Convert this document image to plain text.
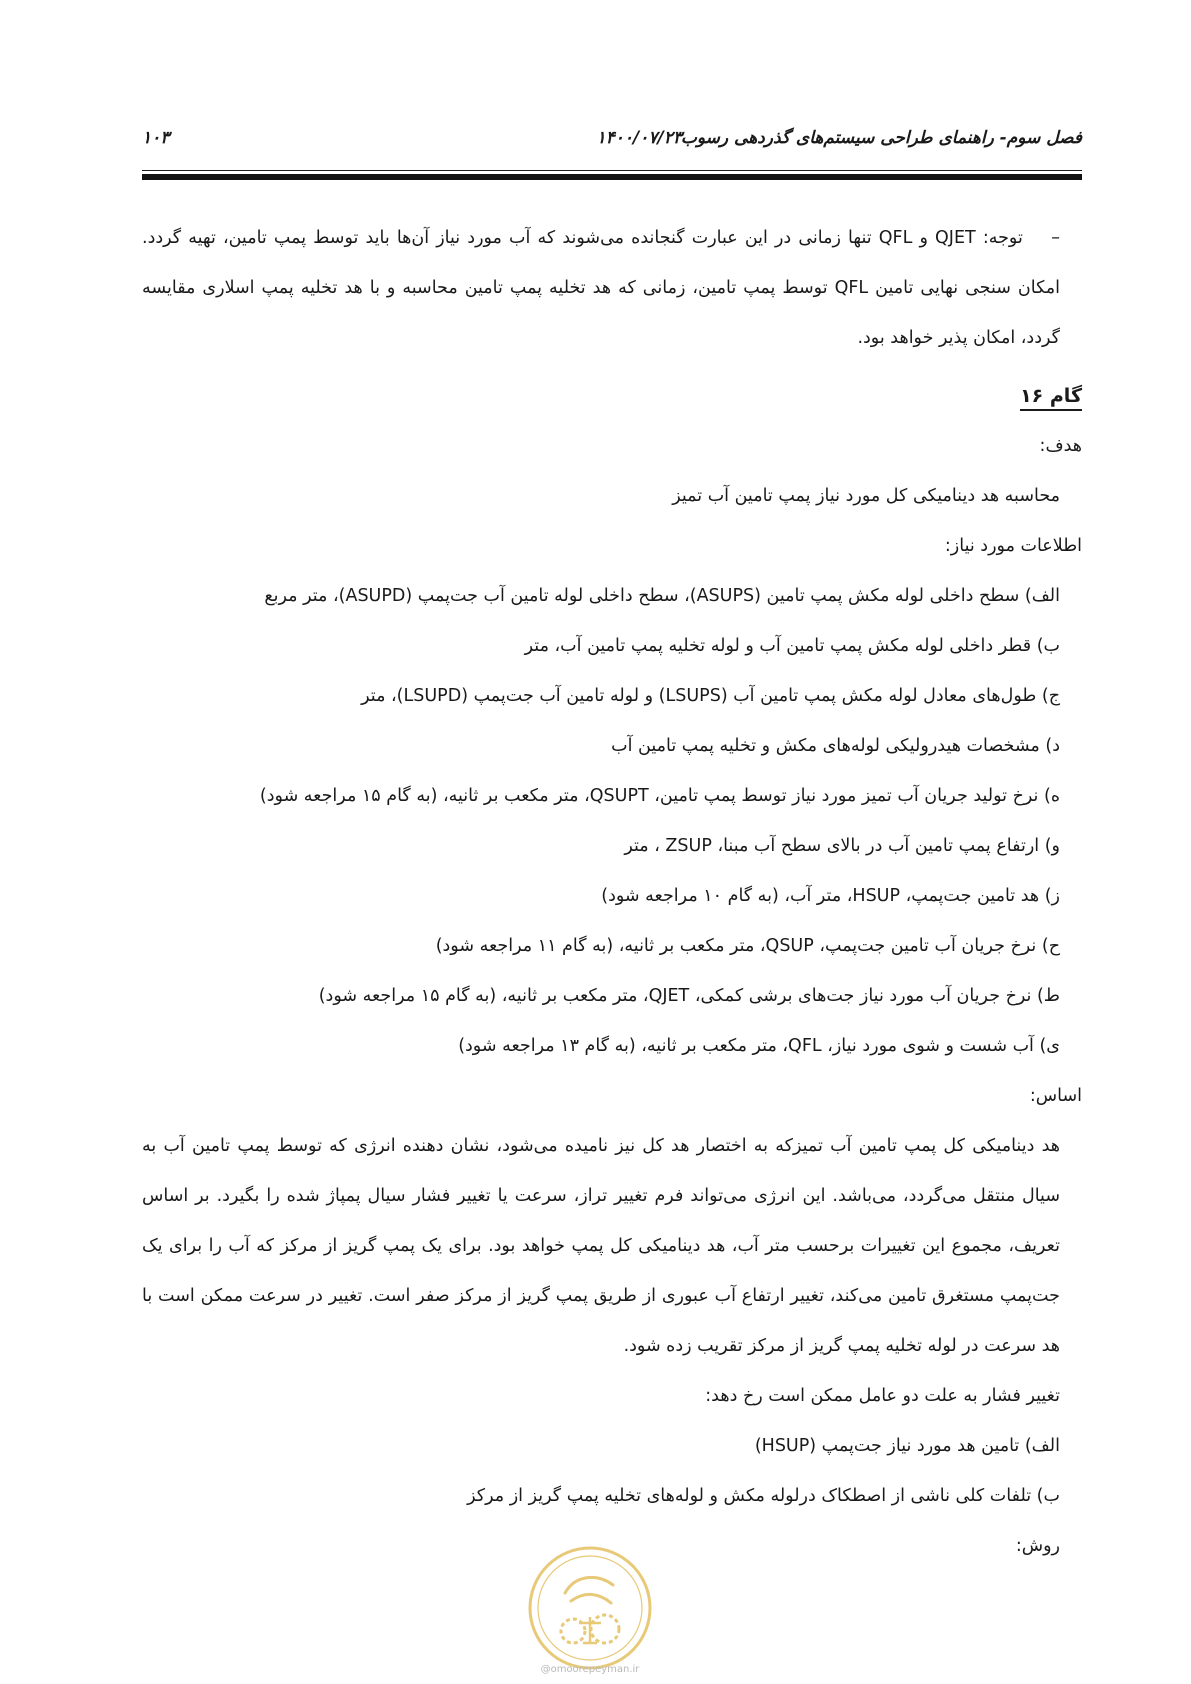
فصل سوم- راهنمای طراحی سیستم‌های گذردهی رسوب
۱۴۰۰/۰۷/۲۳
۱۰۳

–    توجه: QJET و QFL تنها زمانی در این عبارت گنجانده می‌شوند که آب مورد نیاز آن‌ها باید توسط پمپ تامین، تهیه گردد. امکان سنجی نهایی تامین QFL توسط پمپ تامین، زمانی که هد تخلیه پمپ تامین محاسبه و با هد تخلیه پمپ اسلاری مقایسه گردد، امکان پذیر خواهد بود.

گام ۱۶

هدف:

محاسبه هد دینامیکی کل مورد نیاز پمپ تامین آب تمیز

اطلاعات مورد نیاز:

الف) سطح داخلی لوله مکش پمپ تامین (ASUPS)، سطح داخلی لوله تامین آب جت‌پمپ (ASUPD)، متر مربع

ب) قطر داخلی لوله مکش پمپ تامین آب و لوله تخلیه پمپ تامین آب، متر

ج) طول‌های معادل لوله مکش پمپ تامین آب (LSUPS) و لوله تامین آب جت‌پمپ (LSUPD)، متر

د) مشخصات هیدرولیکی لوله‌های مکش و تخلیه پمپ تامین آب

ه) نرخ تولید جریان آب تمیز مورد نیاز توسط پمپ تامین، QSUPT، متر مکعب بر ثانیه، (به گام ۱۵ مراجعه شود)

و) ارتفاع پمپ تامین آب در بالای سطح آب مبنا، ZSUP ، متر

ز) هد تامین جت‌پمپ، HSUP، متر آب، (به گام ۱۰ مراجعه شود)

ح) نرخ جریان آب تامین جت‌پمپ، QSUP، متر مکعب بر ثانیه، (به گام ۱۱ مراجعه شود)

ط) نرخ جریان آب مورد نیاز جت‌های برشی کمکی، QJET، متر مکعب بر ثانیه، (به گام ۱۵ مراجعه شود)

ی) آب شست و شوی مورد نیاز، QFL، متر مکعب بر ثانیه، (به گام ۱۳ مراجعه شود)

اساس:

هد دینامیکی کل پمپ تامین آب تمیزکه به اختصار هد کل نیز نامیده می‌شود، نشان دهنده انرژی که توسط پمپ تامین آب به سیال منتقل می‌گردد، می‌باشد. این انرژی می‌تواند فرم تغییر تراز، سرعت یا تغییر فشار سیال پمپاژ شده را بگیرد. بر اساس تعریف، مجموع این تغییرات برحسب متر آب، هد دینامیکی کل پمپ خواهد بود. برای یک پمپ گریز از مرکز که آب را برای یک جت‌پمپ مستغرق تامین می‌کند، تغییر ارتفاع آب عبوری از طریق پمپ گریز از مرکز صفر است. تغییر در سرعت ممکن است با هد سرعت در لوله تخلیه پمپ گریز از مرکز تقریب زده شود.

تغییر فشار به علت دو عامل ممکن است رخ دهد:

الف) تامین هد مورد نیاز جت‌پمپ (HSUP)

ب) تلفات کلی ناشی از اصطکاک درلوله مکش و لوله‌های تخلیه پمپ گریز از مرکز

روش:

@omoorepeyman.ir
